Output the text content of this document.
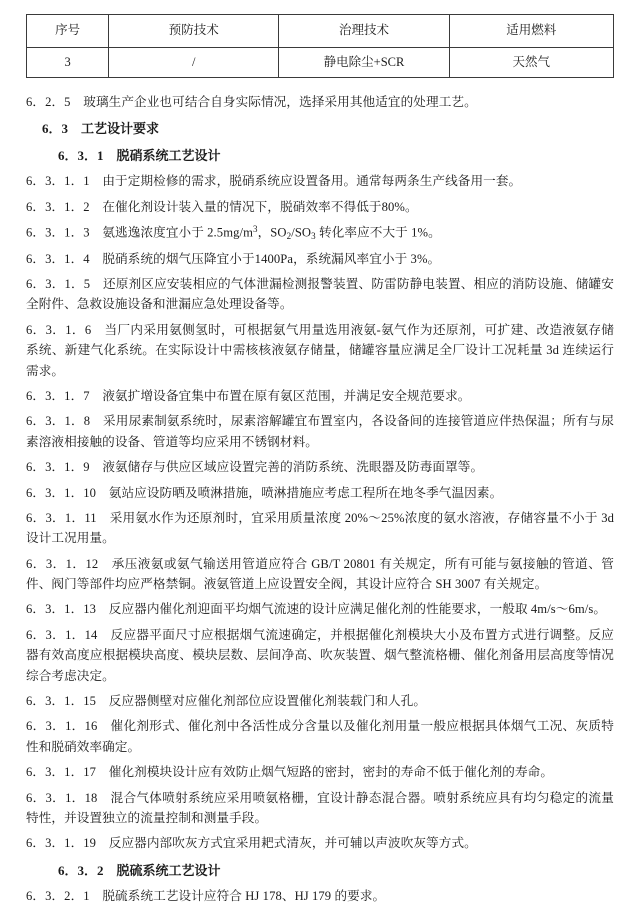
序号	预防技术	治理技术	适用燃料
3	/	静电除尘+SCR	天然气
6．2．5　玻璃生产企业也可结合自身实际情况，选择采用其他适宜的处理工艺。
6．3　工艺设计要求
6．3．1　脱硝系统工艺设计
6．3．1．1　由于定期检修的需求，脱硝系统应设置备用。通常每两条生产线备用一套。
6．3．1．2　在催化剂设计装入量的情况下，脱硝效率不得低于80%。
6．3．1．3　氨逃逸浓度宜小于 $2.5mg/m^3$，$SO_2/SO_3$ 转化率应不大于 1%。
6．3．1．4　脱硝系统的烟气压降宜小于1400Pa，系统漏风率宜小于 3%。
6．3．1．5　还原剂区应安装相应的气体泄漏检测报警装置、防雷防静电装置、相应的消防设施、储罐安全附件、急救设施设备和泄漏应急处理设备等。
6．3．1．6　当厂内采用氨侧氢时，可根据氨气用量选用液氨-氨气作为还原剂，可扩建、改造液氨存储系统、新建气化系统。在实际设计中需核核液氨存储量，储罐容量应满足全厂设计工况耗量 3d 连续运行需求。
6．3．1．7　液氨扩增设备宜集中布置在原有氨区范围，并满足安全规范要求。
6．3．1．8　采用尿素制氨系统时，尿素溶解罐宜布置室内，各设备间的连接管道应伴热保温；所有与尿素溶液相接触的设备、管道等均应采用不锈钢材料。
6．3．1．9　液氨储存与供应区域应设置完善的消防系统、洗眼器及防毒面罩等。
6．3．1．10　氨站应设防晒及喷淋措施，喷淋措施应考虑工程所在地冬季气温因素。
6．3．1．11　采用氨水作为还原剂时，宜采用质量浓度 20%～25%浓度的氨水溶液，存储容量不小于 3d 设计工况用量。
6．3．1．12　承压液氨或氨气输送用管道应符合 GB/T 20801 有关规定，所有可能与氨接触的管道、管件、阀门等部件均应严格禁铜。液氨管道上应设置安全阀，其设计应符合 SH 3007 有关规定。
6．3．1．13　反应器内催化剂迎面平均烟气流速的设计应满足催化剂的性能要求，一般取 4m/s～6m/s。
6．3．1．14　反应器平面尺寸应根据烟气流速确定，并根据催化剂模块大小及布置方式进行调整。反应器有效高度应根据模块高度、模块层数、层间净高、吹灰装置、烟气整流格栅、催化剂备用层高度等情况综合考虑决定。
6．3．1．15　反应器侧壁对应催化剂部位应设置催化剂装载门和人孔。
6．3．1．16　催化剂形式、催化剂中各活性成分含量以及催化剂用量一般应根据具体烟气工况、灰质特性和脱硝效率确定。
6．3．1．17　催化剂模块设计应有效防止烟气短路的密封，密封的寿命不低于催化剂的寿命。
6．3．1．18　混合气体喷射系统应采用喷氨格栅，宜设计静态混合器。喷射系统应具有均匀稳定的流量特性，并设置独立的流量控制和测量手段。
6．3．1．19　反应器内部吹灰方式宜采用耙式清灰，并可辅以声波吹灰等方式。
6．3．2　脱硫系统工艺设计
6．3．2．1　脱硫系统工艺设计应符合 HJ 178、HJ 179 的要求。
